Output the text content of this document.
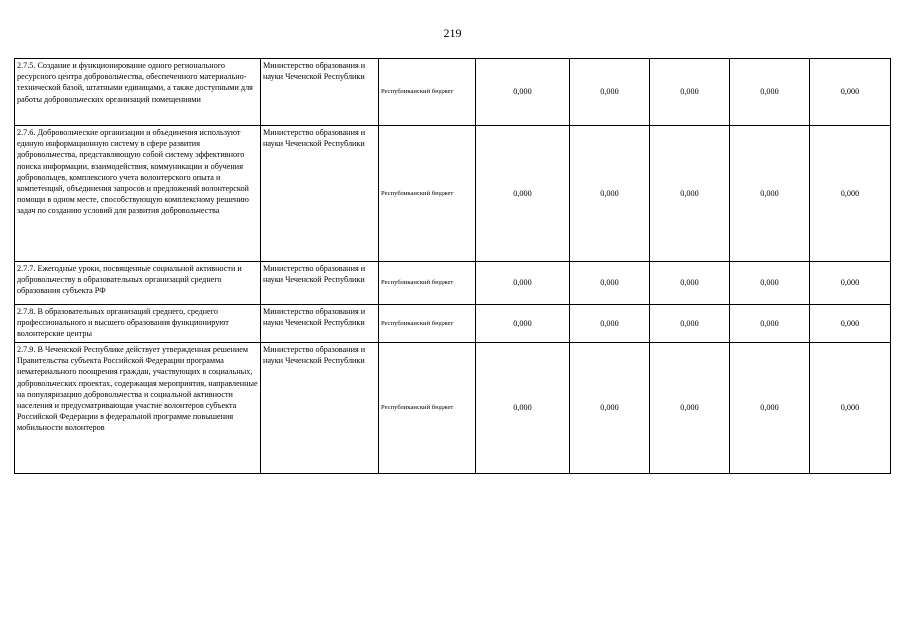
219
2.7.5. Создание и функционирование одного регионального ресурсного центра добровольчества, обеспеченного материально-технической базой, штатными единицами, а также доступными для работы добровольческих организаций помещениями	Министерство образования и науки Чеченской Республики	Республиканский бюджет	0,000	0,000	0,000	0,000	0,000
2.7.6. Добровольческие организации и объединения используют единую информационную систему в сфере развития добровольчества, представляющую собой систему эффективного поиска информации, взаимодействия, коммуникации и обучения добровольцев, комплексного учета волонтерского опыта и компетенций, объединения запросов и предложений волонтерской помощи в одном месте, способствующую комплексному решению задач по созданию условий для развития добровольчества	Министерство образования и науки Чеченской Республики	Республиканский бюджет	0,000	0,000	0,000	0,000	0,000
2.7.7. Ежегодные уроки, посвященные социальной активности и добровольчеству в образовательных организаций среднего образования субъекта РФ	Министерство образования и науки Чеченской Республики	Республиканский бюджет	0,000	0,000	0,000	0,000	0,000
2.7.8. В образовательных организаций среднего, среднего профессионального и высшего образования функционируют волонтерские центры	Министерство образования и науки Чеченской Республики	Республиканский бюджет	0,000	0,000	0,000	0,000	0,000
2.7.9. В Чеченской Республике действует утвержденная решением Правительства субъекта Российской Федерации программа нематериального поощрения граждан, участвующих в социальных, добровольческих проектах, содержащая мероприятия, направленные на популяризацию добровольчества и социальной активности населения и предусматривающая участие волонтеров субъекта Российской Федерации в федеральной программе повышения мобильности волонтеров	Министерство образования и науки Чеченской Республики	Республиканский бюджет	0,000	0,000	0,000	0,000	0,000
